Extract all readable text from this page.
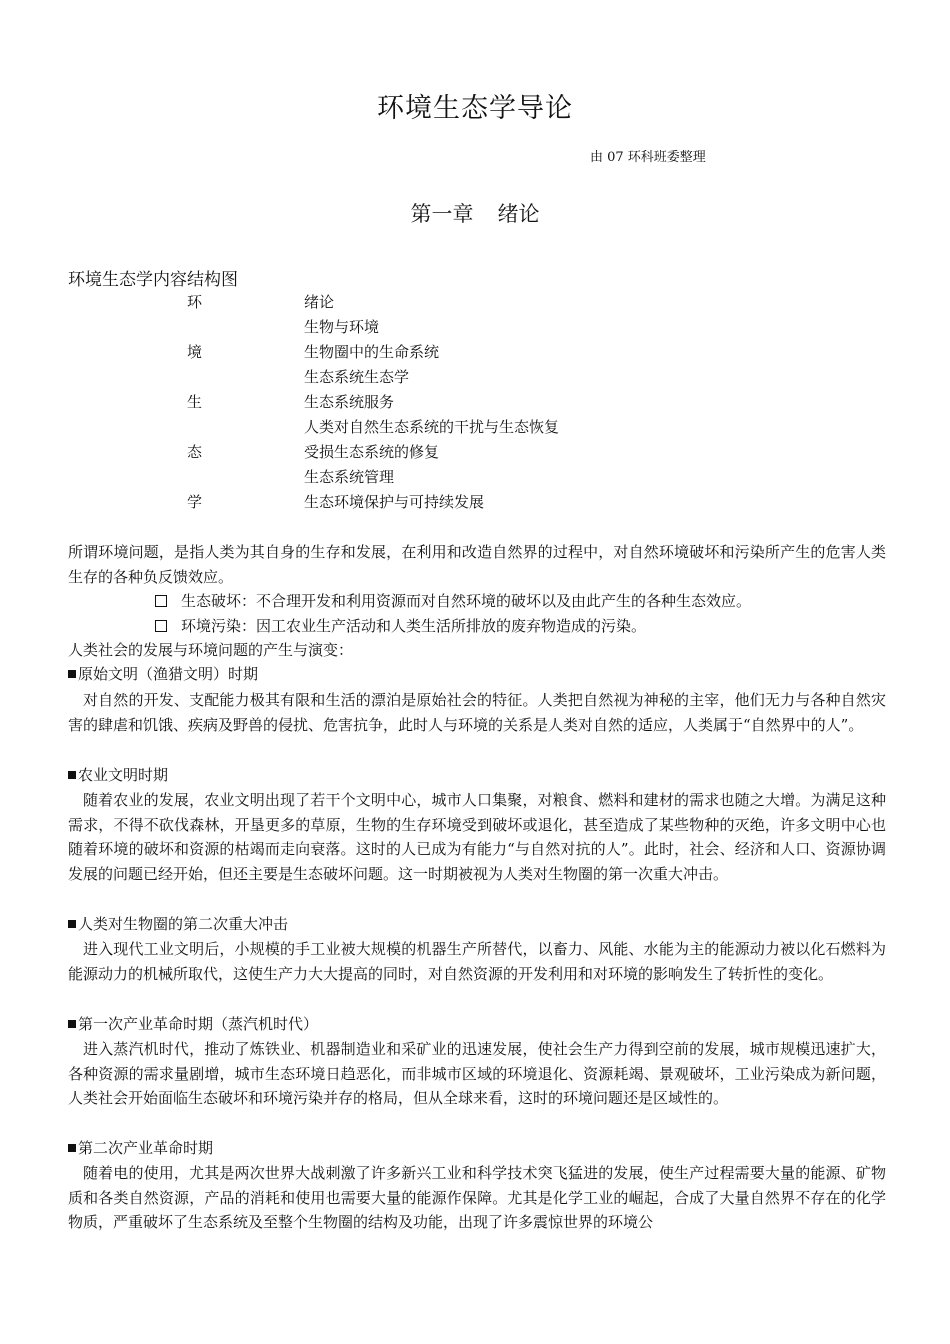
环境生态学导论
由 07 环科班委整理
第一章 绪论
环境生态学内容结构图
环	绪论
生物与环境
境	生物圈中的生命系统
生态系统生态学
生	生态系统服务
人类对自然生态系统的干扰与生态恢复
态	受损生态系统的修复
生态系统管理
学	生态环境保护与可持续发展

所谓环境问题，是指人类为其自身的生存和发展，在利用和改造自然界的过程中，对自然环境破坏和污染所产生的危害人类生存的各种负反馈效应。

生态破坏：不合理开发和利用资源而对自然环境的破坏以及由此产生的各种生态效应。
环境污染：因工农业生产活动和人类生活所排放的废弃物造成的污染。
人类社会的发展与环境问题的产生与演变：
原始文明（渔猎文明）时期

对自然的开发、支配能力极其有限和生活的漂泊是原始社会的特征。人类把自然视为神秘的主宰，他们无力与各种自然灾害的肆虐和饥饿、疾病及野兽的侵扰、危害抗争，此时人与环境的关系是人类对自然的适应，人类属于“自然界中的人”。

农业文明时期

随着农业的发展，农业文明出现了若干个文明中心，城市人口集聚，对粮食、燃料和建材的需求也随之大增。为满足这种需求，不得不砍伐森林，开垦更多的草原，生物的生存环境受到破坏或退化，甚至造成了某些物种的灭绝，许多文明中心也随着环境的破坏和资源的枯竭而走向衰落。这时的人已成为有能力“与自然对抗的人”。此时，社会、经济和人口、资源协调发展的问题已经开始，但还主要是生态破坏问题。这一时期被视为人类对生物圈的第一次重大冲击。

人类对生物圈的第二次重大冲击

进入现代工业文明后，小规模的手工业被大规模的机器生产所替代，以畜力、风能、水能为主的能源动力被以化石燃料为能源动力的机械所取代，这使生产力大大提高的同时，对自然资源的开发利用和对环境的影响发生了转折性的变化。

第一次产业革命时期（蒸汽机时代）

进入蒸汽机时代，推动了炼铁业、机器制造业和采矿业的迅速发展，使社会生产力得到空前的发展，城市规模迅速扩大，各种资源的需求量剧增，城市生态环境日趋恶化，而非城市区域的环境退化、资源耗竭、景观破坏，工业污染成为新问题，人类社会开始面临生态破坏和环境污染并存的格局，但从全球来看，这时的环境问题还是区域性的。

第二次产业革命时期

随着电的使用，尤其是两次世界大战刺激了许多新兴工业和科学技术突飞猛进的发展，使生产过程需要大量的能源、矿物质和各类自然资源，产品的消耗和使用也需要大量的能源作保障。尤其是化学工业的崛起，合成了大量自然界不存在的化学物质，严重破坏了生态系统及至整个生物圈的结构及功能，出现了许多震惊世界的环境公
